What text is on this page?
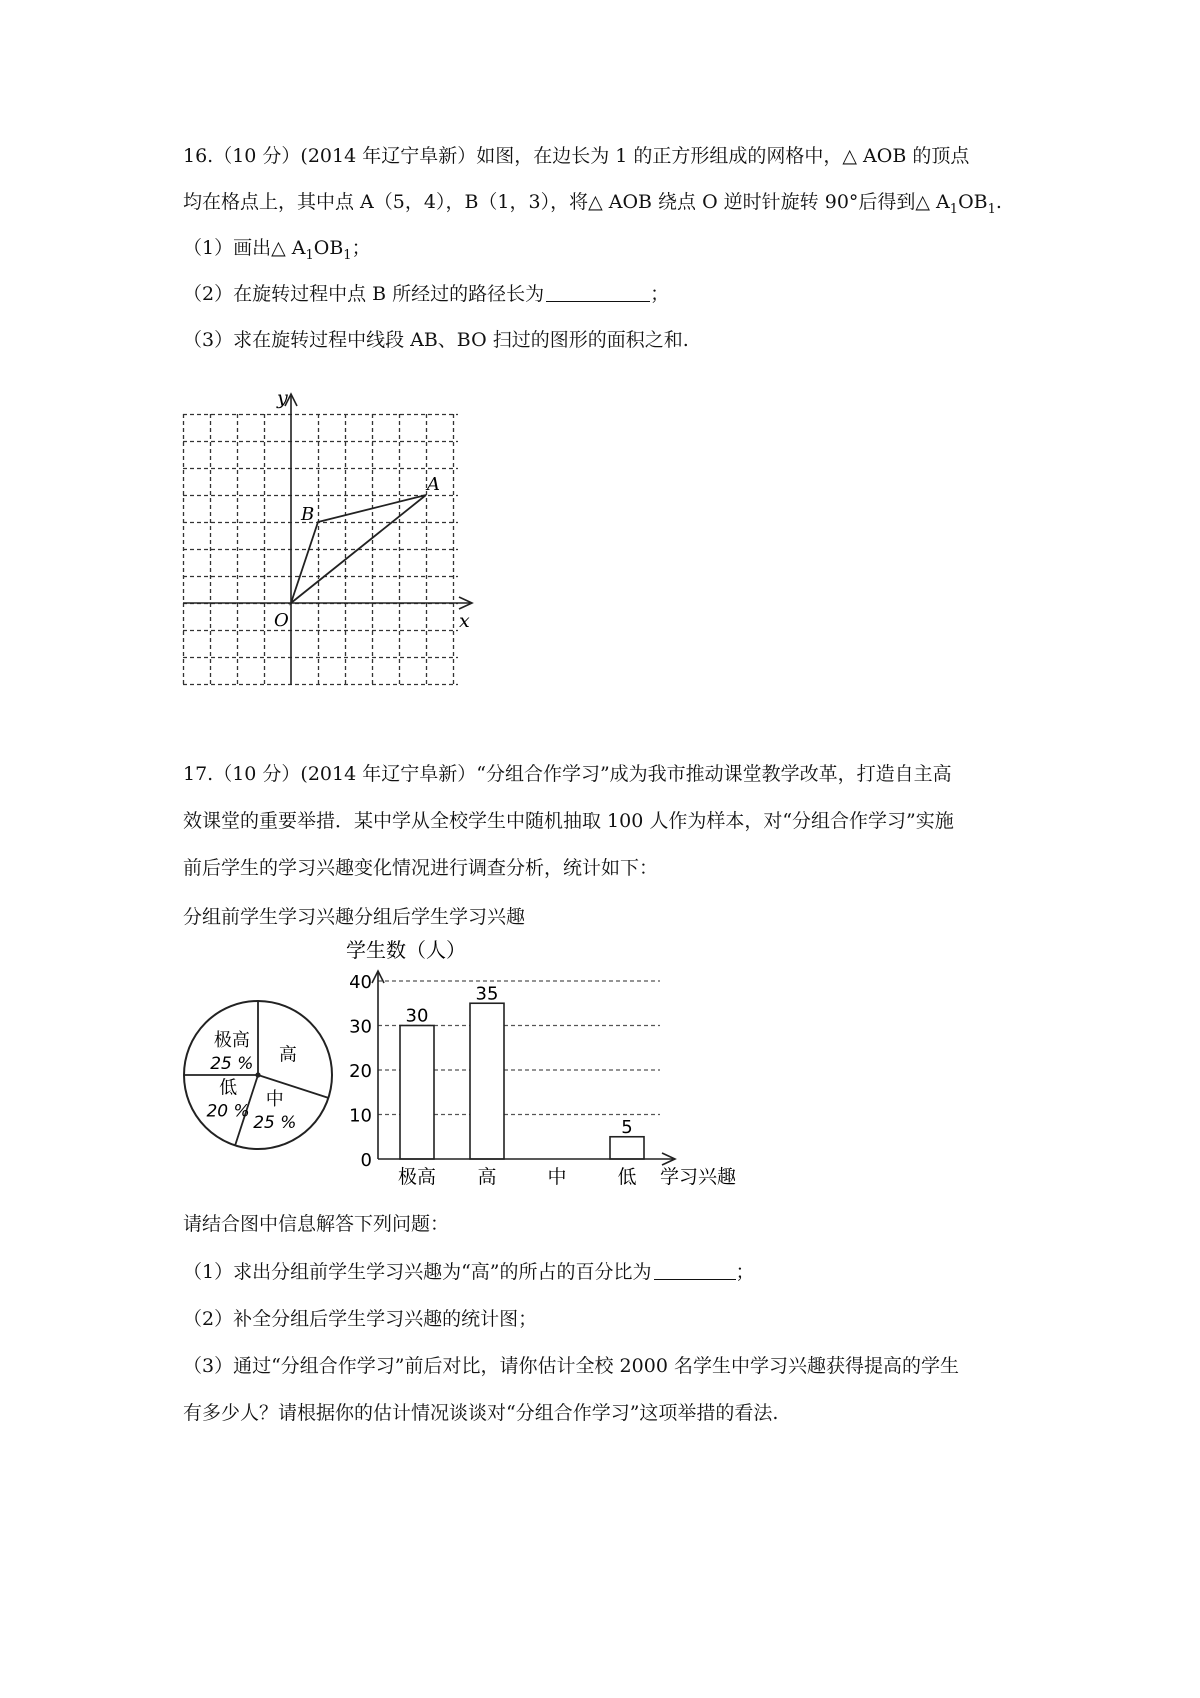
16.（10 分）(2014 年辽宁阜新）如图，在边长为 1 的正方形组成的网格中，△ AOB 的顶点
均在格点上，其中点 A（5，4），B（1，3），将△ AOB 绕点 O 逆时针旋转 90°后得到△ $A_1OB_1$.
（1）画出△ $A_1OB_1$；
（2）在旋转过程中点 B 所经过的路径长为	；
（3）求在旋转过程中线段 AB、BO 扫过的图形的面积之和.
y
x
O
A
B
17.（10 分）(2014 年辽宁阜新）“分组合作学习”成为我市推动课堂教学改革，打造自主高
效课堂的重要举措．某中学从全校学生中随机抽取 100 人作为样本，对“分组合作学习”实施
前后学生的学习兴趣变化情况进行调查分析，统计如下：
分组前学生学习兴趣分组后学生学习兴趣
极高
25 % 高
中
25 %
低
20 %
学生数（人）
0
10
20
30
40
30
35
5
极高 高	中	低 学习兴趣
请结合图中信息解答下列问题：
（1）求出分组前学生学习兴趣为“高”的所占的百分比为	；
（2）补全分组后学生学习兴趣的统计图；
（3）通过“分组合作学习”前后对比，请你估计全校 2000 名学生中学习兴趣获得提高的学生
有多少人？请根据你的估计情况谈谈对“分组合作学习”这项举措的看法.
